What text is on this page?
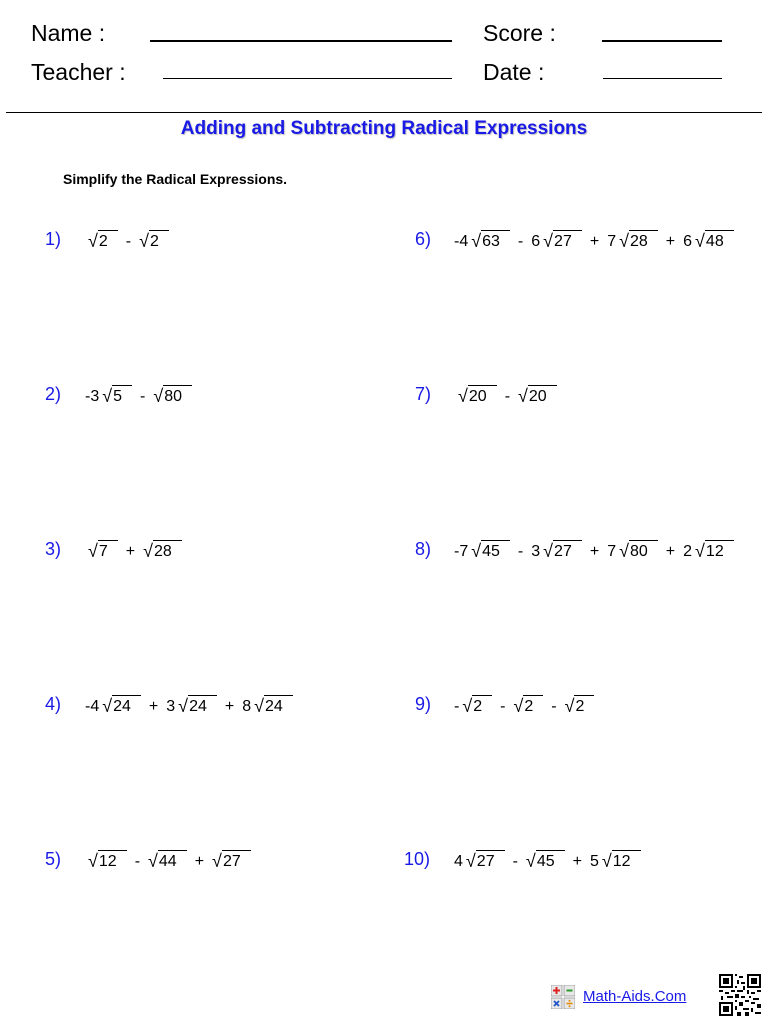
Name :	Score :
Teacher :	Date :
Adding and Subtracting Radical Expressions
Simplify the Radical Expressions.
1) √2 - √2
2) -3 √5 - √80
3) √7 + √28
4) -4 √24 + 3 √24 + 8 √24
5) √12 - √44 + √27
6) -4 √63 - 6 √27 + 7 √28 + 6 √48
7) √20 - √20
8) -7 √45 - 3 √27 + 7 √80 + 2 √12
9) - √2 - √2 - √2
10) 4 √27 - √45 + 5 √12
Math-Aids.Com
